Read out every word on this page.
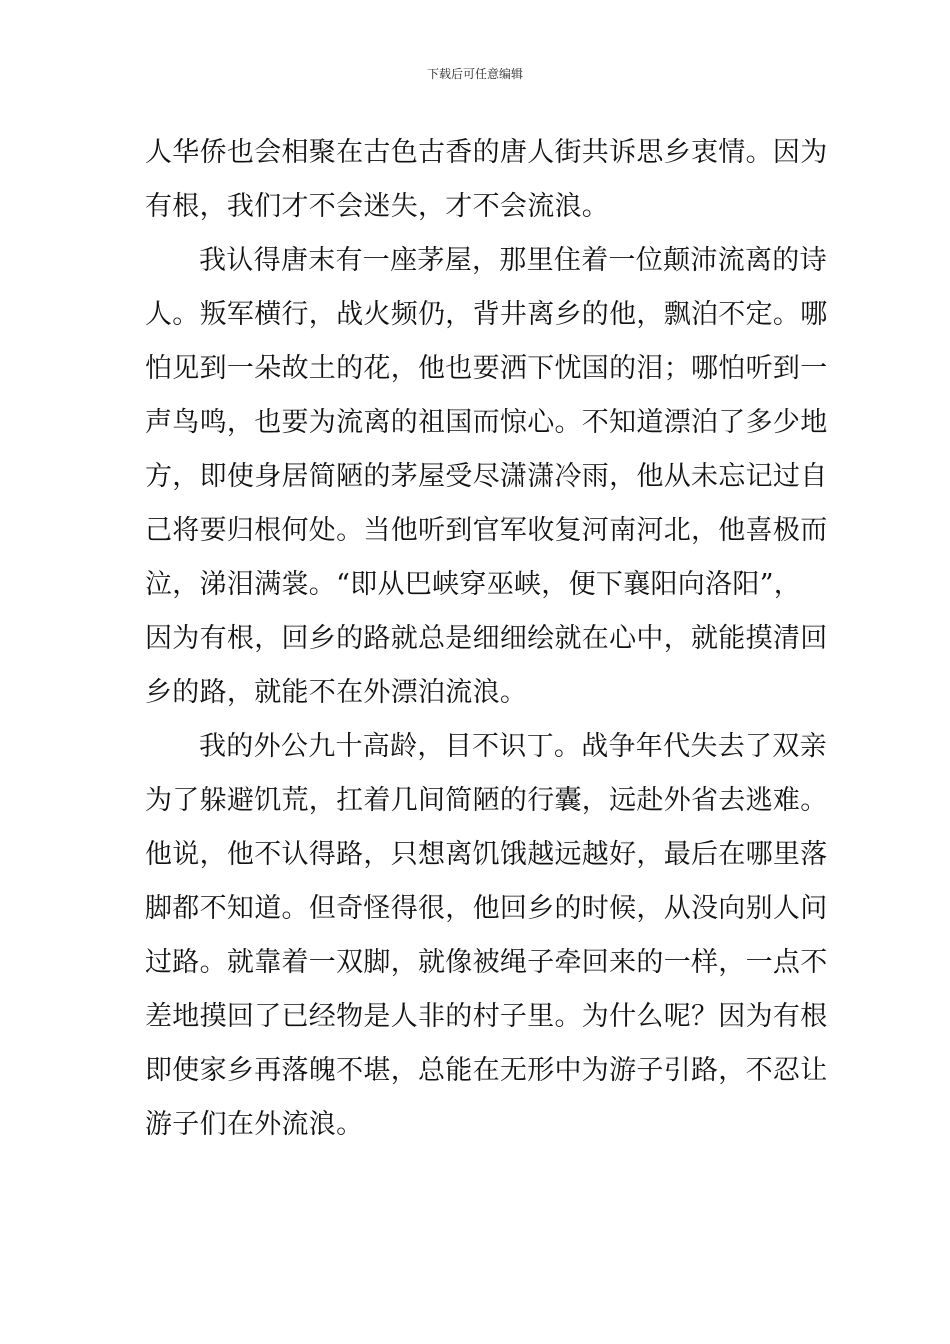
下载后可任意编辑
人华侨也会相聚在古色古香的唐人街共诉思乡衷情。因为
有根，我们才不会迷失，才不会流浪。
我认得唐末有一座茅屋，那里住着一位颠沛流离的诗
人。叛军横行，战火频仍，背井离乡的他，飘泊不定。哪
怕见到一朵故土的花，他也要洒下忧国的泪；哪怕听到一
声鸟鸣，也要为流离的祖国而惊心。不知道漂泊了多少地
方，即使身居简陋的茅屋受尽潇潇冷雨，他从未忘记过自
己将要归根何处。当他听到官军收复河南河北，他喜极而
泣，涕泪满裳。“即从巴峡穿巫峡，便下襄阳向洛阳”，
因为有根，回乡的路就总是细细绘就在心中，就能摸清回
乡的路，就能不在外漂泊流浪。
我的外公九十高龄，目不识丁。战争年代失去了双亲
为了躲避饥荒，扛着几间简陋的行囊，远赴外省去逃难。
他说，他不认得路，只想离饥饿越远越好，最后在哪里落
脚都不知道。但奇怪得很，他回乡的时候，从没向别人问
过路。就靠着一双脚，就像被绳子牵回来的一样，一点不
差地摸回了已经物是人非的村子里。为什么呢？因为有根
即使家乡再落魄不堪，总能在无形中为游子引路，不忍让
游子们在外流浪。
